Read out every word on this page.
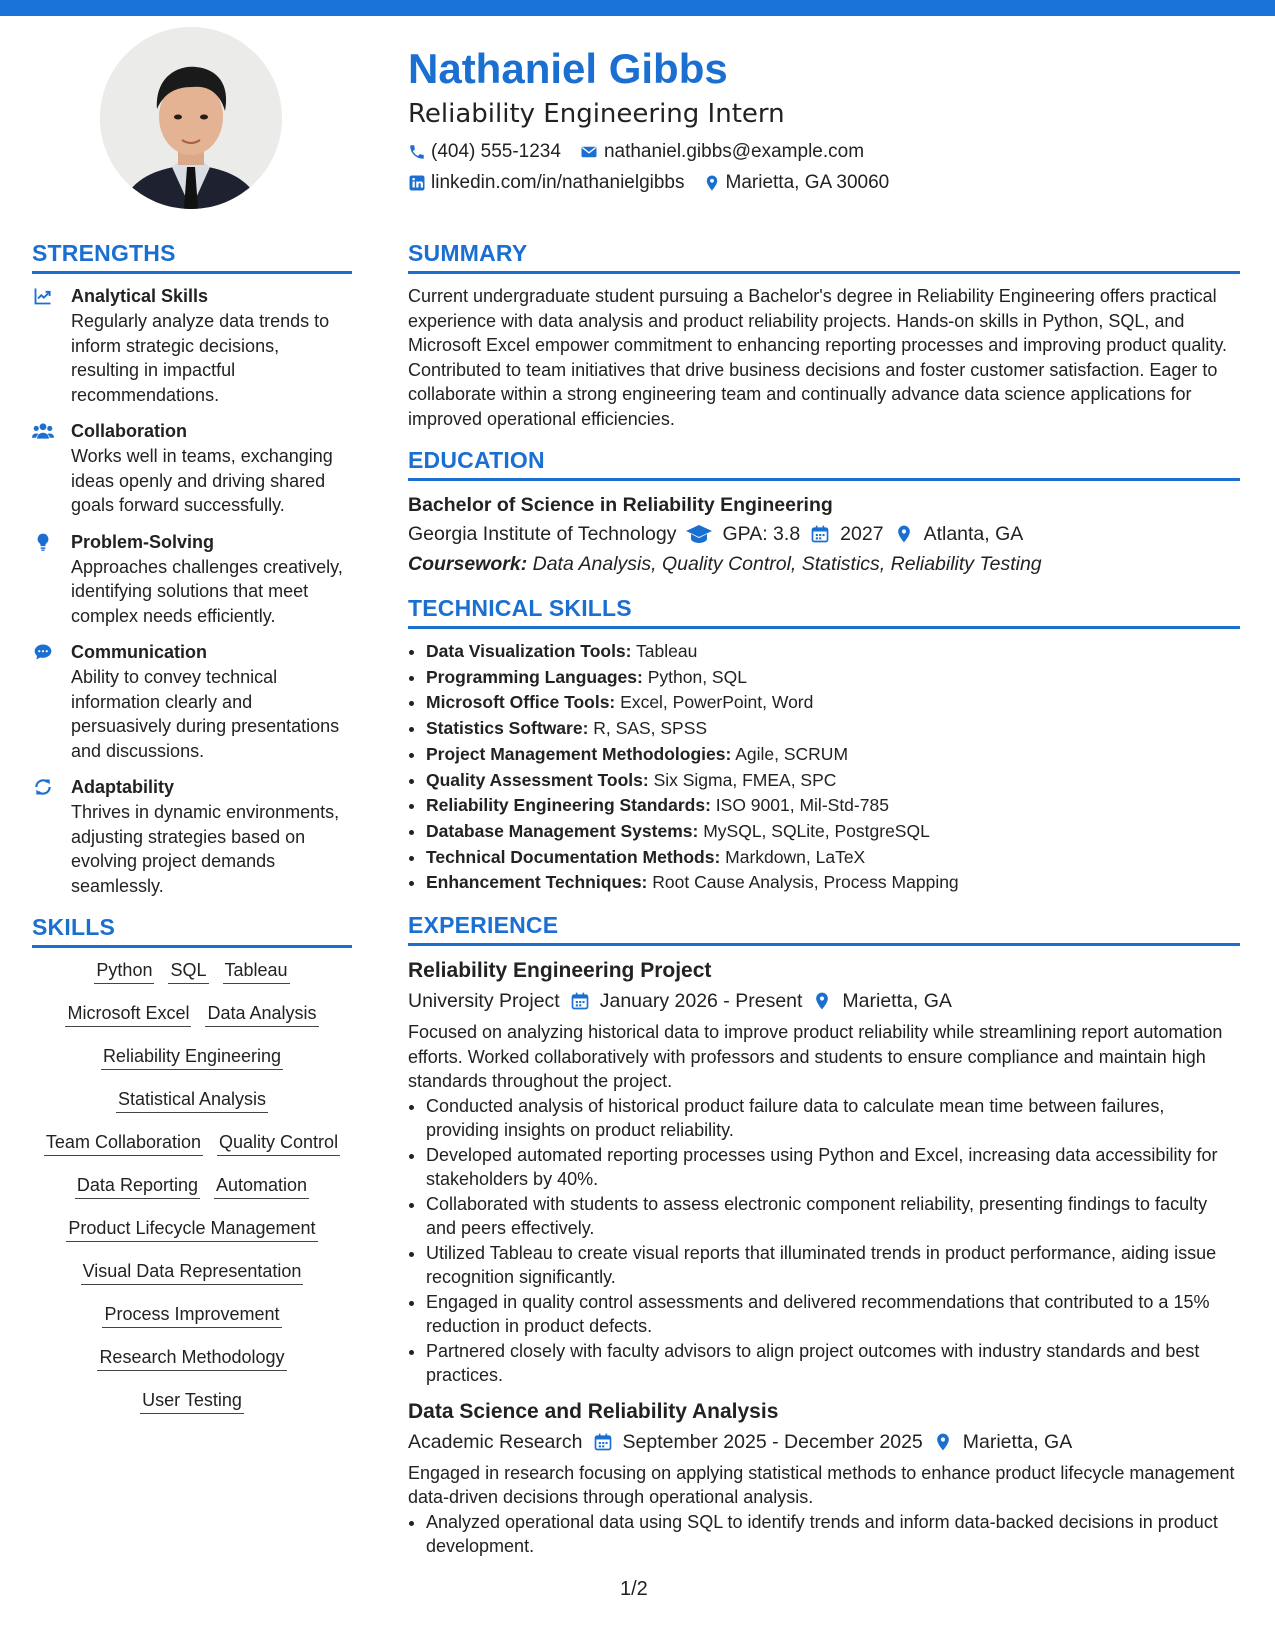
Nathaniel Gibbs
Reliability Engineering Intern
(404) 555-1234 nathaniel.gibbs@example.com
linkedin.com/in/nathanielgibbs Marietta, GA 30060
STRENGTHS
Analytical Skills
Regularly analyze data trends to inform strategic decisions, resulting in impactful recommendations.
Collaboration
Works well in teams, exchanging ideas openly and driving shared goals forward successfully.
Problem-Solving
Approaches challenges creatively, identifying solutions that meet complex needs efficiently.
Communication
Ability to convey technical information clearly and persuasively during presentations and discussions.
Adaptability
Thrives in dynamic environments, adjusting strategies based on evolving project demands seamlessly.
SKILLS
Python SQL Tableau
Microsoft Excel Data Analysis
Reliability Engineering
Statistical Analysis
Team Collaboration Quality Control
Data Reporting Automation
Product Lifecycle Management
Visual Data Representation
Process Improvement
Research Methodology
User Testing
SUMMARY

Current undergraduate student pursuing a Bachelor's degree in Reliability Engineering offers practical experience with data analysis and product reliability projects. Hands-on skills in Python, SQL, and Microsoft Excel empower commitment to enhancing reporting processes and improving product quality. Contributed to team initiatives that drive business decisions and foster customer satisfaction. Eager to collaborate within a strong engineering team and continually advance data science applications for improved operational efficiencies.

EDUCATION
Bachelor of Science in Reliability Engineering
Georgia Institute of Technology GPA: 3.8 2027 Atlanta, GA
Coursework: Data Analysis, Quality Control, Statistics, Reliability Testing
TECHNICAL SKILLS
• Data Visualization Tools: Tableau
• Programming Languages: Python, SQL
• Microsoft Office Tools: Excel, PowerPoint, Word
• Statistics Software: R, SAS, SPSS
• Project Management Methodologies: Agile, SCRUM
• Quality Assessment Tools: Six Sigma, FMEA, SPC
• Reliability Engineering Standards: ISO 9001, Mil-Std-785
• Database Management Systems: MySQL, SQLite, PostgreSQL
• Technical Documentation Methods: Markdown, LaTeX
• Enhancement Techniques: Root Cause Analysis, Process Mapping
EXPERIENCE
Reliability Engineering Project
University Project January 2026 - Present Marietta, GA

Focused on analyzing historical data to improve product reliability while streamlining report automation efforts. Worked collaboratively with professors and students to ensure compliance and maintain high standards throughout the project.

• Conducted analysis of historical product failure data to calculate mean time between failures, providing insights on product reliability.
• Developed automated reporting processes using Python and Excel, increasing data accessibility for stakeholders by 40%.
• Collaborated with students to assess electronic component reliability, presenting findings to faculty and peers effectively.
• Utilized Tableau to create visual reports that illuminated trends in product performance, aiding issue recognition significantly.
• Engaged in quality control assessments and delivered recommendations that contributed to a 15% reduction in product defects.
• Partnered closely with faculty advisors to align project outcomes with industry standards and best practices.
Data Science and Reliability Analysis
Academic Research September 2025 - December 2025 Marietta, GA

Engaged in research focusing on applying statistical methods to enhance product lifecycle management data-driven decisions through operational analysis.

• Analyzed operational data using SQL to identify trends and inform data-backed decisions in product development.
1/2
